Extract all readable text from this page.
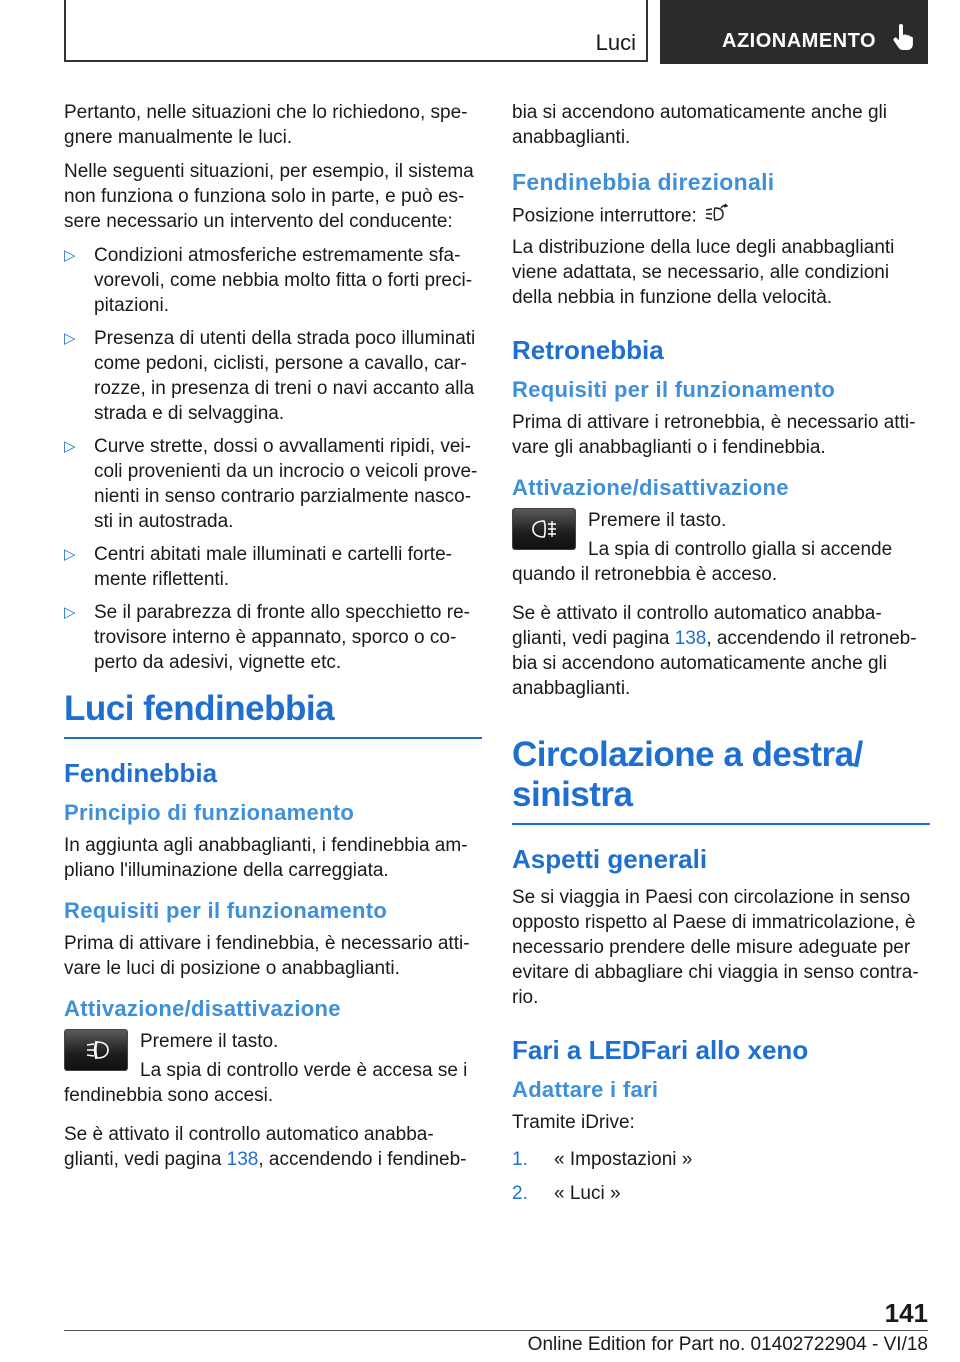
Luci	AZIONAMENTO

Pertanto, nelle situazioni che lo richiedono, spegnere manualmente le luci.

Nelle seguenti situazioni, per esempio, il sistema non funziona o funziona solo in parte, e può essere necessario un intervento del conducente:

▷ Condizioni atmosferiche estremamente sfavorevoli, come nebbia molto fitta o forti precipitazioni.
▷ Presenza di utenti della strada poco illuminati come pedoni, ciclisti, persone a cavallo, carrozze, in presenza di treni o navi accanto alla strada e di selvaggina.
▷ Curve strette, dossi o avvallamenti ripidi, veicoli provenienti da un incrocio o veicoli provenienti in senso contrario parzialmente nascosti in autostrada.
▷ Centri abitati male illuminati e cartelli fortemente riflettenti.
▷ Se il parabrezza di fronte allo specchietto retrovisore interno è appannato, sporco o coperto da adesivi, vignette etc.
Luci fendinebbia
Fendinebbia
Principio di funzionamento

In aggiunta agli anabbaglianti, i fendinebbia ampliano l'illuminazione della carreggiata.

Requisiti per il funzionamento

Prima di attivare i fendinebbia, è necessario attivare le luci di posizione o anabbaglianti.

Attivazione/disattivazione

Premere il tasto.

La spia di controllo verde è accesa se i fendinebbia sono accesi.

Se è attivato il controllo automatico anabbaglianti, vedi pagina 138, accendendo i fendineb-

bia si accendono automaticamente anche gli anabbaglianti.

Fendinebbia direzionali

Posizione interruttore:

La distribuzione della luce degli anabbaglianti viene adattata, se necessario, alle condizioni della nebbia in funzione della velocità.

Retronebbia
Requisiti per il funzionamento

Prima di attivare i retronebbia, è necessario attivare gli anabbaglianti o i fendinebbia.

Attivazione/disattivazione

Premere il tasto.

La spia di controllo gialla si accende quando il retronebbia è acceso.

Se è attivato il controllo automatico anabbaglianti, vedi pagina 138, accendendo il retronebbia si accendono automaticamente anche gli anabbaglianti.

Circolazione a destra/ sinistra
Aspetti generali

Se si viaggia in Paesi con circolazione in senso opposto rispetto al Paese di immatricolazione, è necessario prendere delle misure adeguate per evitare di abbagliare chi viaggia in senso contrario.

Fari a LEDFari allo xeno
Adattare i fari

Tramite iDrive:

1. « Impostazioni »
2. « Luci »
141
Online Edition for Part no. 01402722904 - VI/18
